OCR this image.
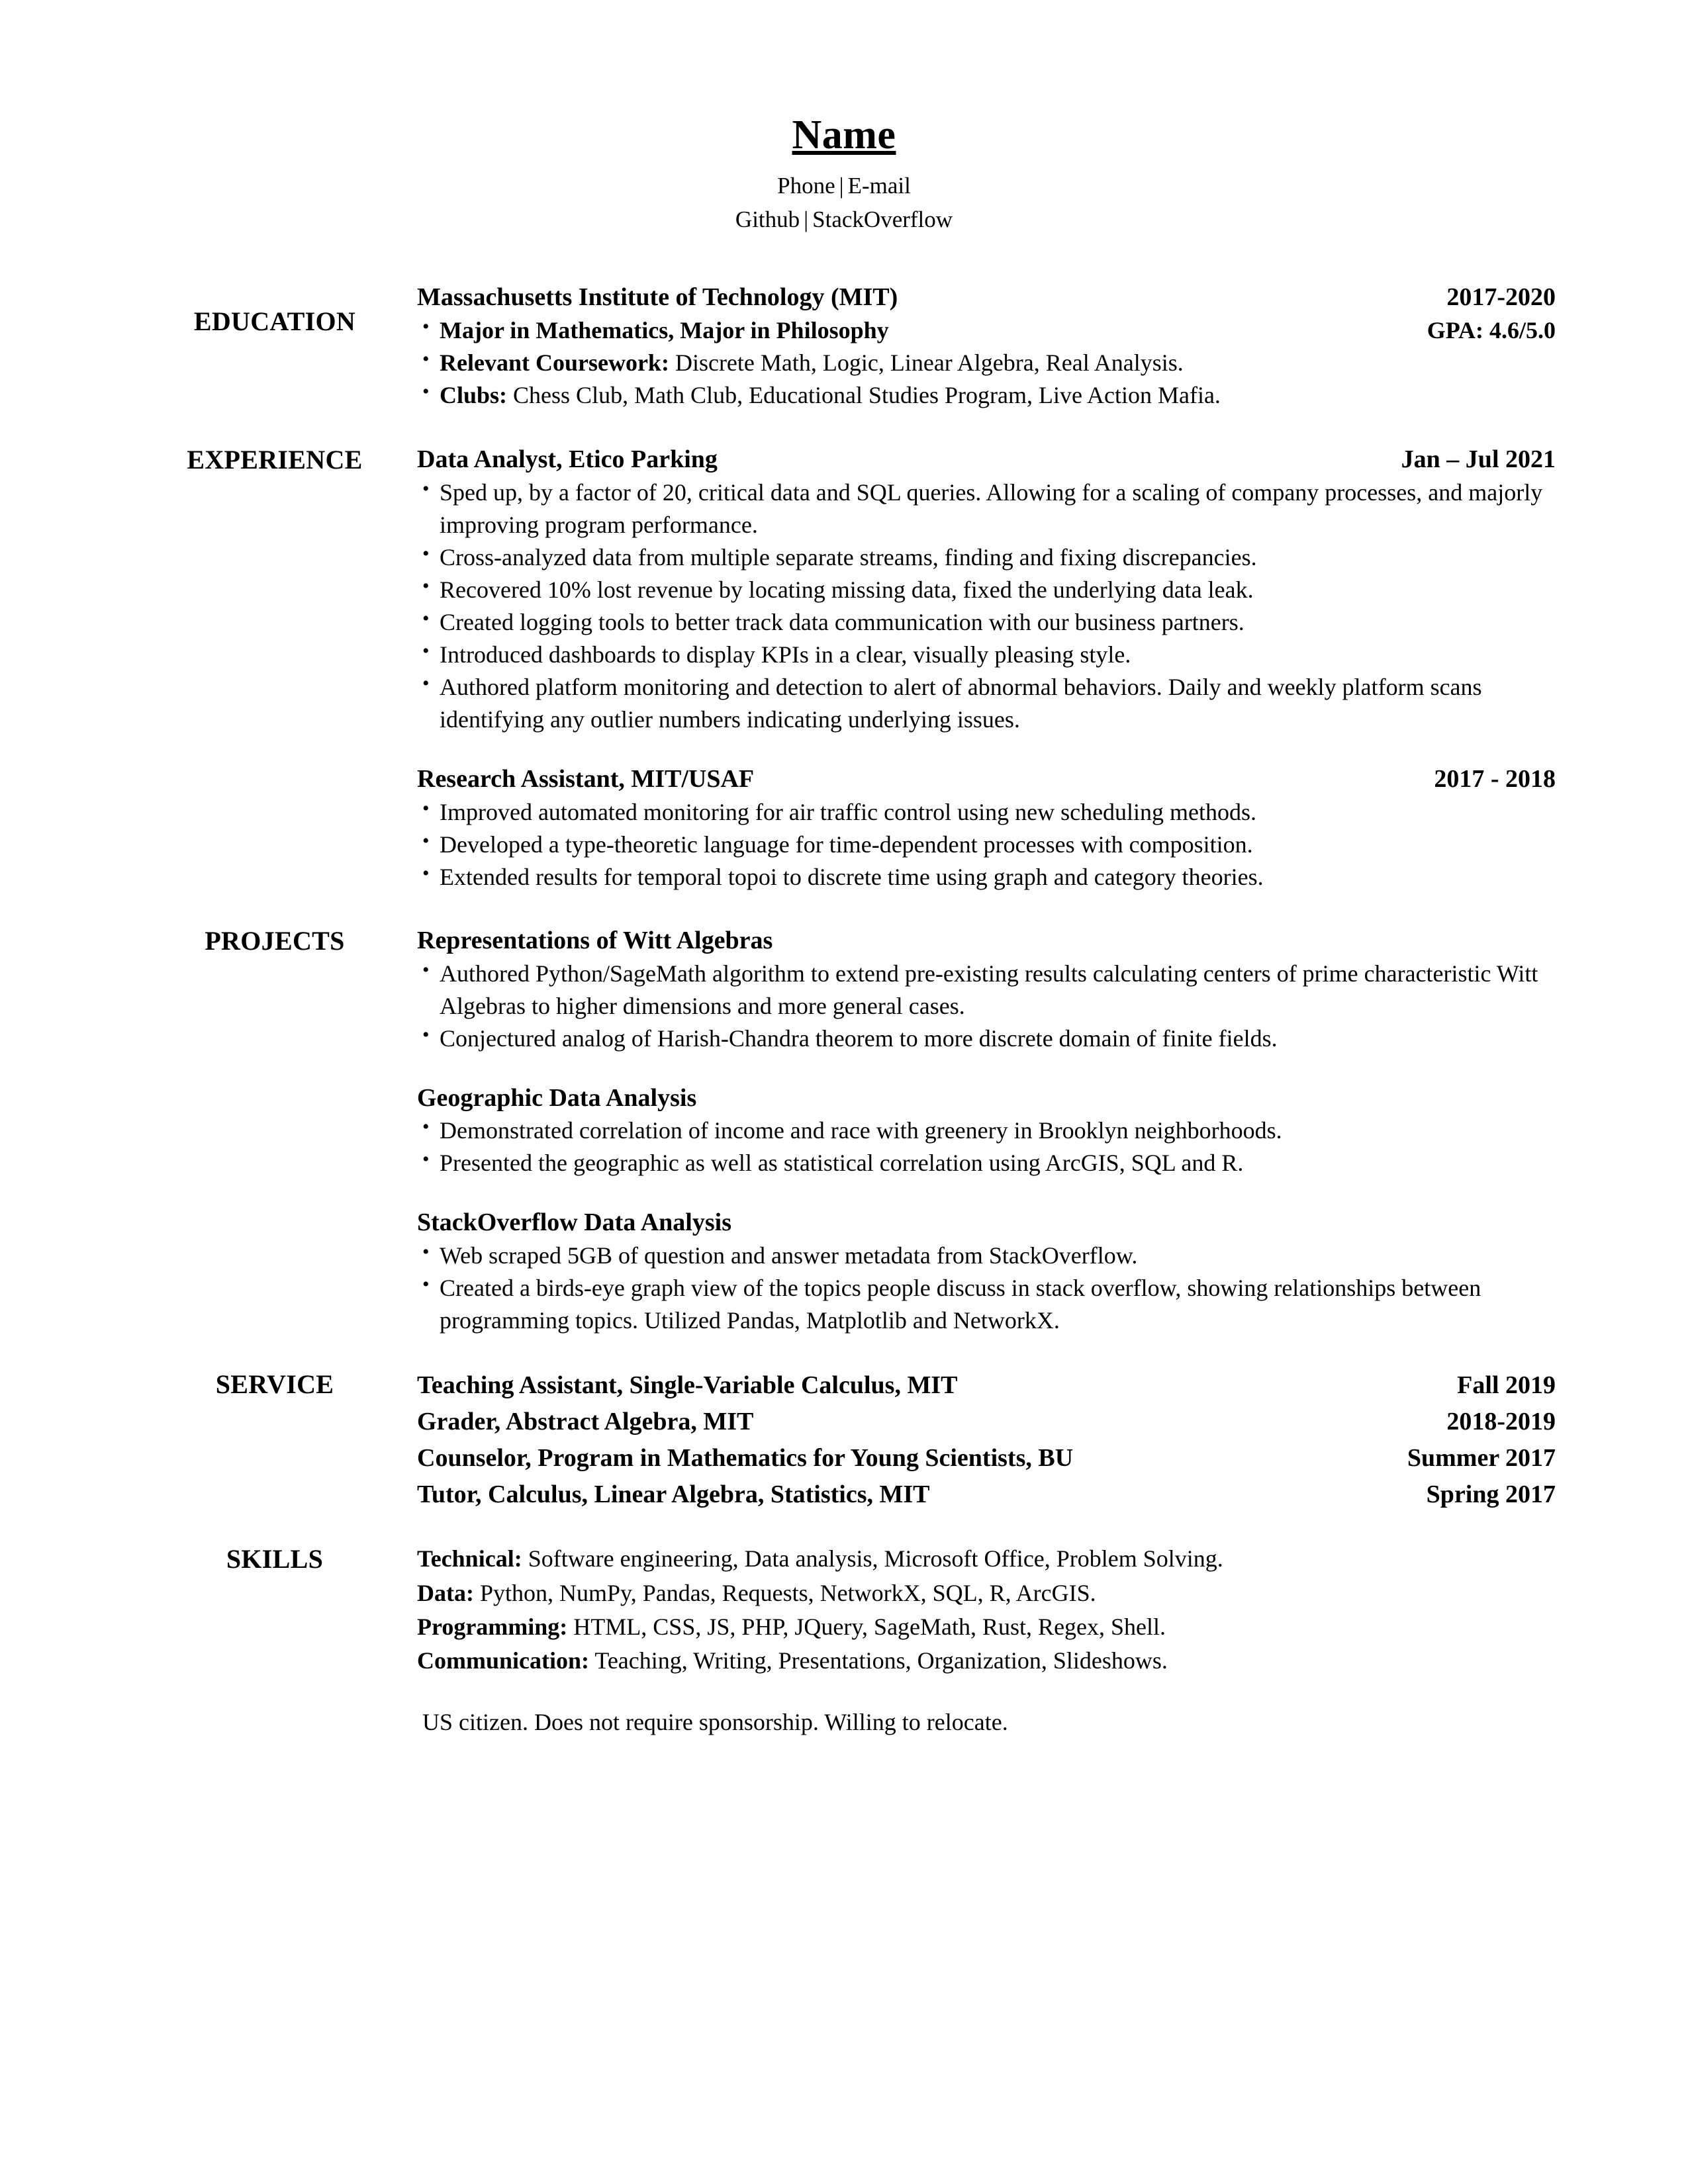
Name
Phone | E-mail
Github | StackOverflow
EDUCATION
Massachusetts Institute of Technology (MIT)	2017-2020
• Major in Mathematics, Major in Philosophy	GPA: 4.6/5.0
• Relevant Coursework: Discrete Math, Logic, Linear Algebra, Real Analysis.
• Clubs: Chess Club, Math Club, Educational Studies Program, Live Action Mafia.
EXPERIENCE	Data Analyst, Etico Parking	Jan – Jul 2021
• Sped up, by a factor of 20, critical data and SQL queries. Allowing for a scaling of company processes, and majorly improving program performance.
• Cross-analyzed data from multiple separate streams, finding and fixing discrepancies.
• Recovered 10% lost revenue by locating missing data, fixed the underlying data leak.
• Created logging tools to better track data communication with our business partners.
• Introduced dashboards to display KPIs in a clear, visually pleasing style.
• Authored platform monitoring and detection to alert of abnormal behaviors. Daily and weekly platform scans identifying any outlier numbers indicating underlying issues.
Research Assistant, MIT/USAF	2017 - 2018
• Improved automated monitoring for air traffic control using new scheduling methods.
• Developed a type-theoretic language for time-dependent processes with composition.
• Extended results for temporal topoi to discrete time using graph and category theories.
PROJECTS	Representations of Witt Algebras
• Authored Python/SageMath algorithm to extend pre-existing results calculating centers of prime characteristic Witt Algebras to higher dimensions and more general cases.
• Conjectured analog of Harish-Chandra theorem to more discrete domain of finite fields.
Geographic Data Analysis
• Demonstrated correlation of income and race with greenery in Brooklyn neighborhoods.
• Presented the geographic as well as statistical correlation using ArcGIS, SQL and R.
StackOverflow Data Analysis
• Web scraped 5GB of question and answer metadata from StackOverflow.
• Created a birds-eye graph view of the topics people discuss in stack overflow, showing relationships between programming topics. Utilized Pandas, Matplotlib and NetworkX.
SERVICE	Teaching Assistant, Single-Variable Calculus, MIT	Fall 2019
Grader, Abstract Algebra, MIT	2018-2019
Counselor, Program in Mathematics for Young Scientists, BU	Summer 2017
Tutor, Calculus, Linear Algebra, Statistics, MIT	Spring 2017
SKILLS	Technical: Software engineering, Data analysis, Microsoft Office, Problem Solving.
Data: Python, NumPy, Pandas, Requests, NetworkX, SQL, R, ArcGIS.
Programming: HTML, CSS, JS, PHP, JQuery, SageMath, Rust, Regex, Shell.
Communication: Teaching, Writing, Presentations, Organization, Slideshows.
US citizen. Does not require sponsorship. Willing to relocate.
